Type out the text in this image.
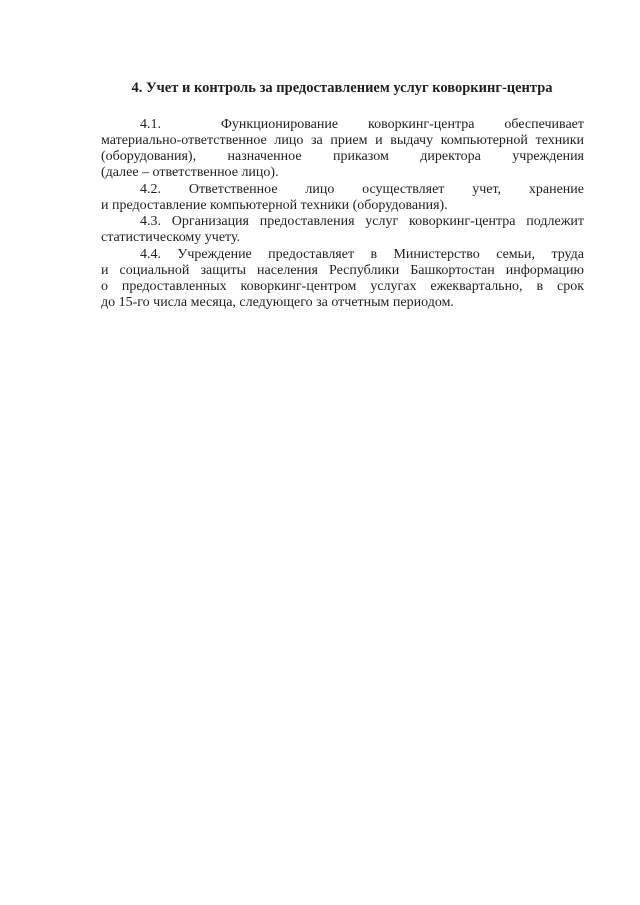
4. Учет и контроль за предоставлением услуг коворкинг-центра
4.1.  Функционирование коворкинг-центра обеспечивает
материально-ответственное лицо за прием и выдачу компьютерной техники
(оборудования), назначенное приказом директора учреждения
(далее – ответственное лицо).
4.2. Ответственное лицо осуществляет учет, хранение
и предоставление компьютерной техники (оборудования).
4.3. Организация предоставления услуг коворкинг-центра подлежит
статистическому учету.
4.4. Учреждение предоставляет в Министерство семьи, труда
и социальной защиты населения Республики Башкортостан информацию
о предоставленных коворкинг-центром услугах ежеквартально, в срок
до 15-го числа месяца, следующего за отчетным периодом.
